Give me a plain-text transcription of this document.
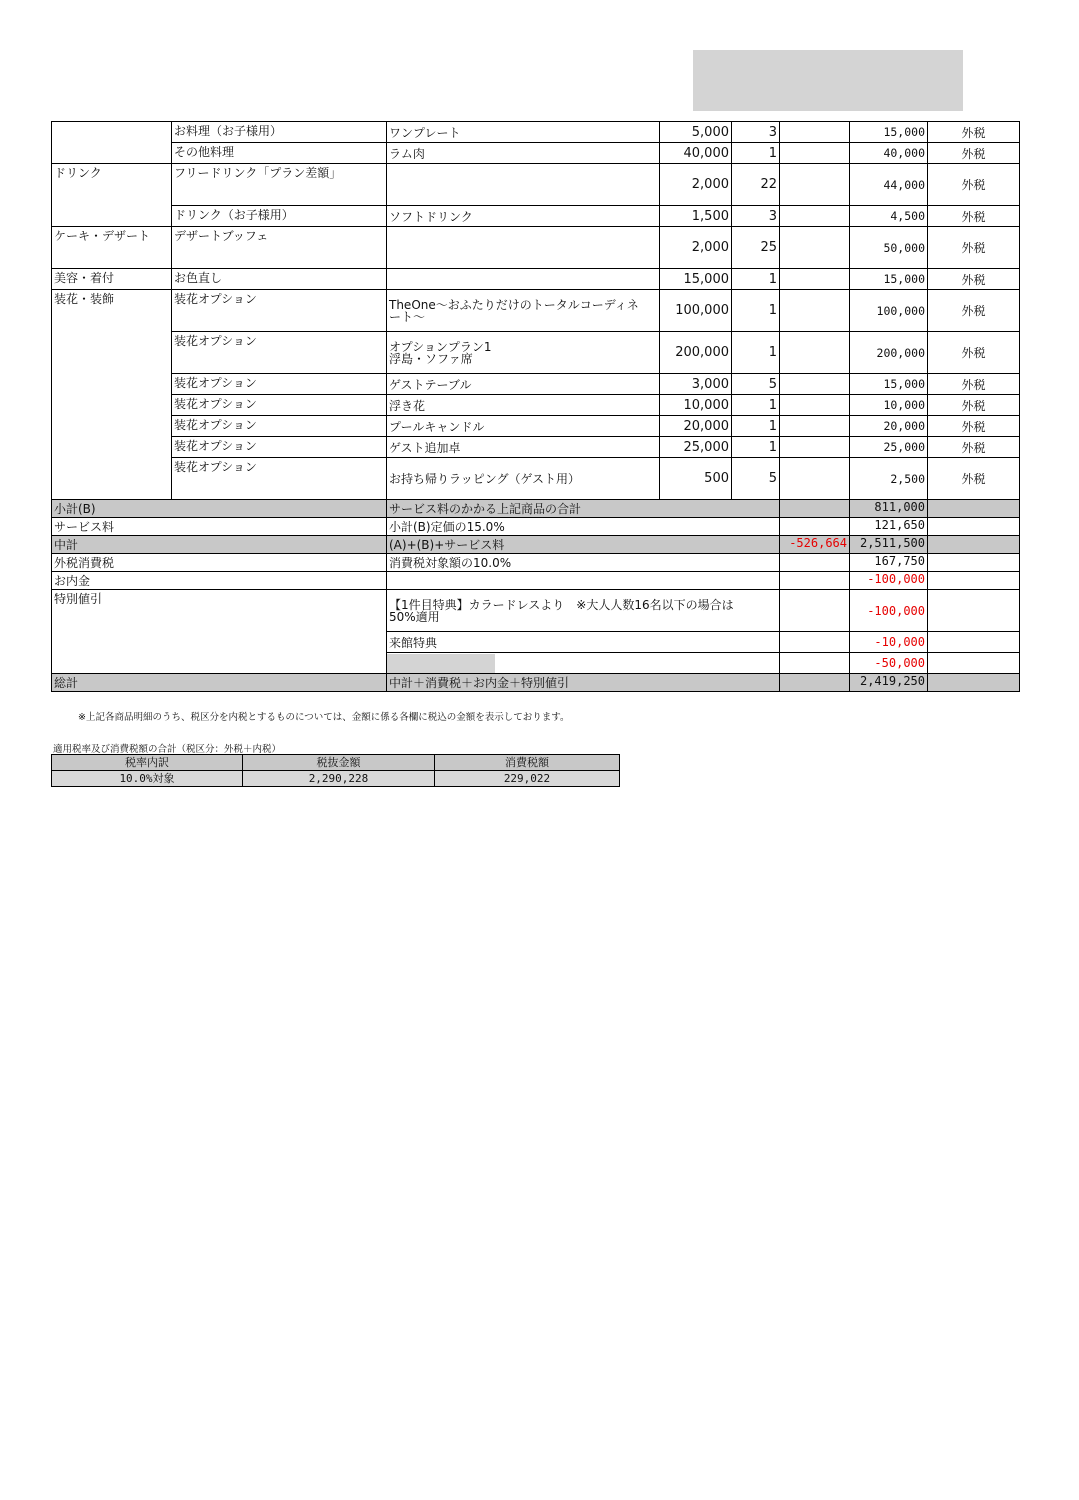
	お料理（お子様用）	ワンプレート	5,000	3		15,000	外税
	その他料理	ラム肉	40,000	1		40,000	外税
ドリンク	フリードリンク「プラン差額」		2,000	22		44,000	外税
	ドリンク（お子様用）	ソフトドリンク	1,500	3		4,500	外税
ケーキ・デザート	デザートブッフェ		2,000	25		50,000	外税
美容・着付	お色直し		15,000	1		15,000	外税
装花・装飾	装花オプション	TheOne～おふたりだけのトータルコーディネ
ート～	100,000	1		100,000	外税
	装花オプション	オプションプラン1
浮島・ソファ席	200,000	1		200,000	外税
	装花オプション	ゲストテーブル	3,000	5		15,000	外税
	装花オプション	浮き花	10,000	1		10,000	外税
	装花オプション	プールキャンドル	20,000	1		20,000	外税
	装花オプション	ゲスト追加卓	25,000	1		25,000	外税
	装花オプション	お持ち帰りラッピング（ゲスト用）	500	5		2,500	外税
小計(B)		サービス料のかかる上記商品の合計				811,000	
サービス料		小計(B)定価の15.0%				121,650	
中計		(A)+(B)+サービス料			-526,664	2,511,500	
外税消費税		消費税対象額の10.0%				167,750	
お内金						-100,000	
特別値引		【1件目特典】カラードレスより　※大人人数16名以下の場合は
50%適用				-100,000	
		来館特典				-10,000	
						-50,000	
総計		中計＋消費税＋お内金＋特別値引				2,419,250	
※上記各商品明細のうち、税区分を内税とするものについては、金額に係る各欄に税込の金額を表示しております。
適用税率及び消費税額の合計（税区分：外税＋内税）
税率内訳	税抜金額	消費税額
10.0%対象	2,290,228	229,022
